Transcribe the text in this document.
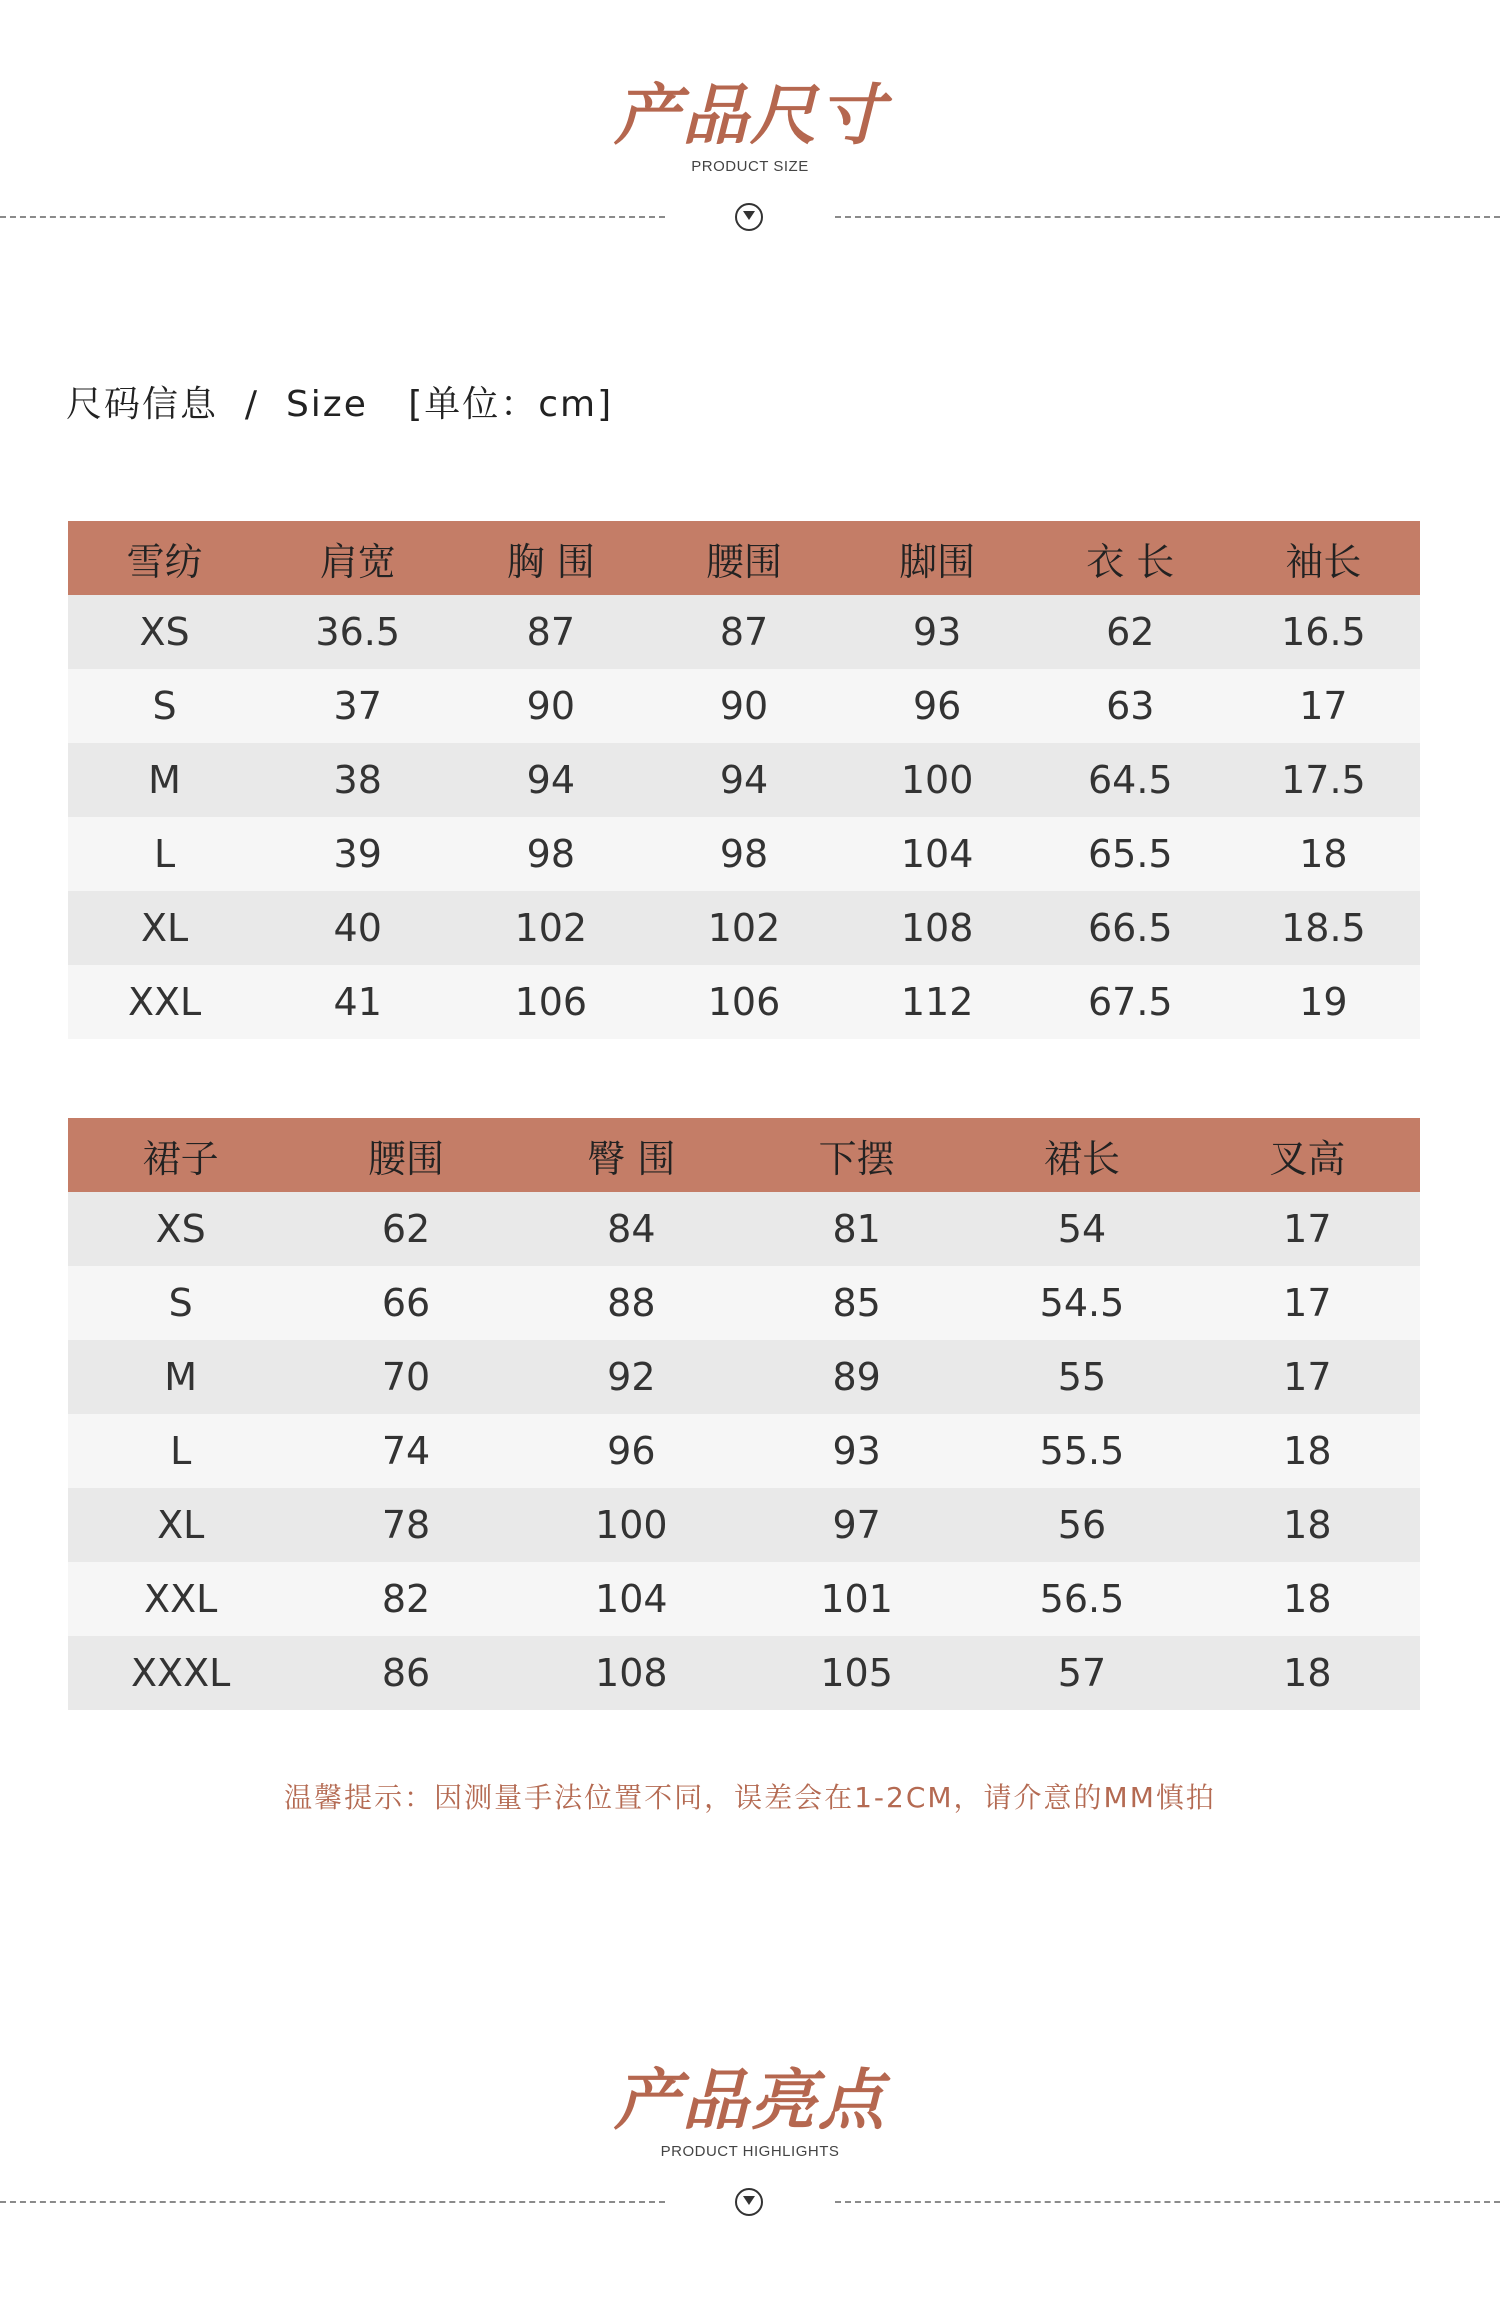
产品尺寸
PRODUCT SIZE
尺码信息 / Size [单位：cm]
雪纺	肩宽	胸 围	腰围	脚围	衣 长	袖长
XS	36.5	87	87	93	62	16.5
S	37	90	90	96	63	17
M	38	94	94	100	64.5	17.5
L	39	98	98	104	65.5	18
XL	40	102	102	108	66.5	18.5
XXL	41	106	106	112	67.5	19
裙子	腰围	臀 围	下摆	裙长	叉高
XS	62	84	81	54	17
S	66	88	85	54.5	17
M	70	92	89	55	17
L	74	96	93	55.5	18
XL	78	100	97	56	18
XXL	82	104	101	56.5	18
XXXL	86	108	105	57	18
温馨提示：因测量手法位置不同，误差会在1-2CM，请介意的MM慎拍
产品亮点
PRODUCT HIGHLIGHTS
